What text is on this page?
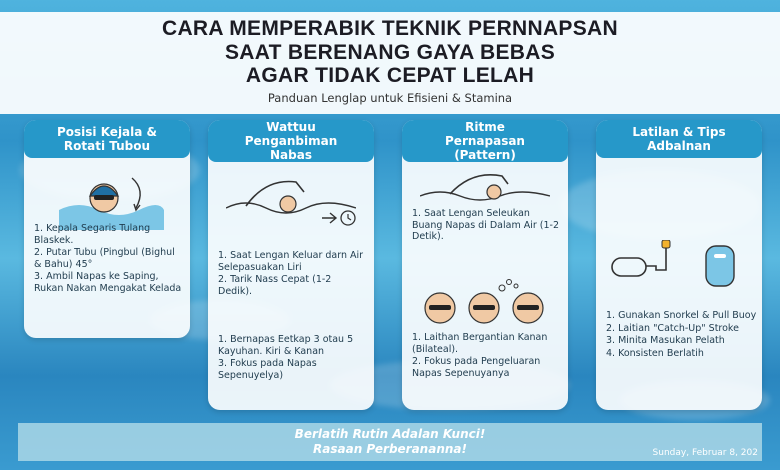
CARA MEMPERABIK TEKNIK PERNNAPSAN
SAAT BERENANG GAYA BEBAS
AGAR TIDAK CEPAT LELAH
Panduan Lenglap untuk Efisieni & Stamina
Posisi Kejala &
Rotati Tubou
1. Kepala Segaris Tulang Blaskek.
2. Putar Tubu (Pingbul (Bighul & Bahu) 45°
3. Ambil Napas ke Saping, Rukan Nakan Mengakat Kelada
Wattuu
Penganbiman
Nabas
1. Saat Lengan Keluar darn Air Selepasuakan Liri
2. Tarik Nass Cepat (1-2 Dedik).
1. Bernapas Eetkap 3 otau 5 Kayuhan. Kiri & Kanan
3. Fokus pada Napas Sepenuyelya)
Ritme
Pernapasan
(Pattern)
1. Saat Lengan Seleukan Buang Napas di Dalam Air (1-2 Detik).
1. Laithan Bergantian Kanan (Bilateal).
2. Fokus pada Pengeluaran Napas Sepenuyanya
Latilan & Tips
Adbalnan
1. Gunakan Snorkel & Pull Buoy
2. Laitian "Catch-Up" Stroke
3. Minita Masukan Pelath
4. Konsisten Berlatih
Berlatih Rutin Adalan Kunci!
Rasaan Perberananna!	Sunday, Februar 8, 202
